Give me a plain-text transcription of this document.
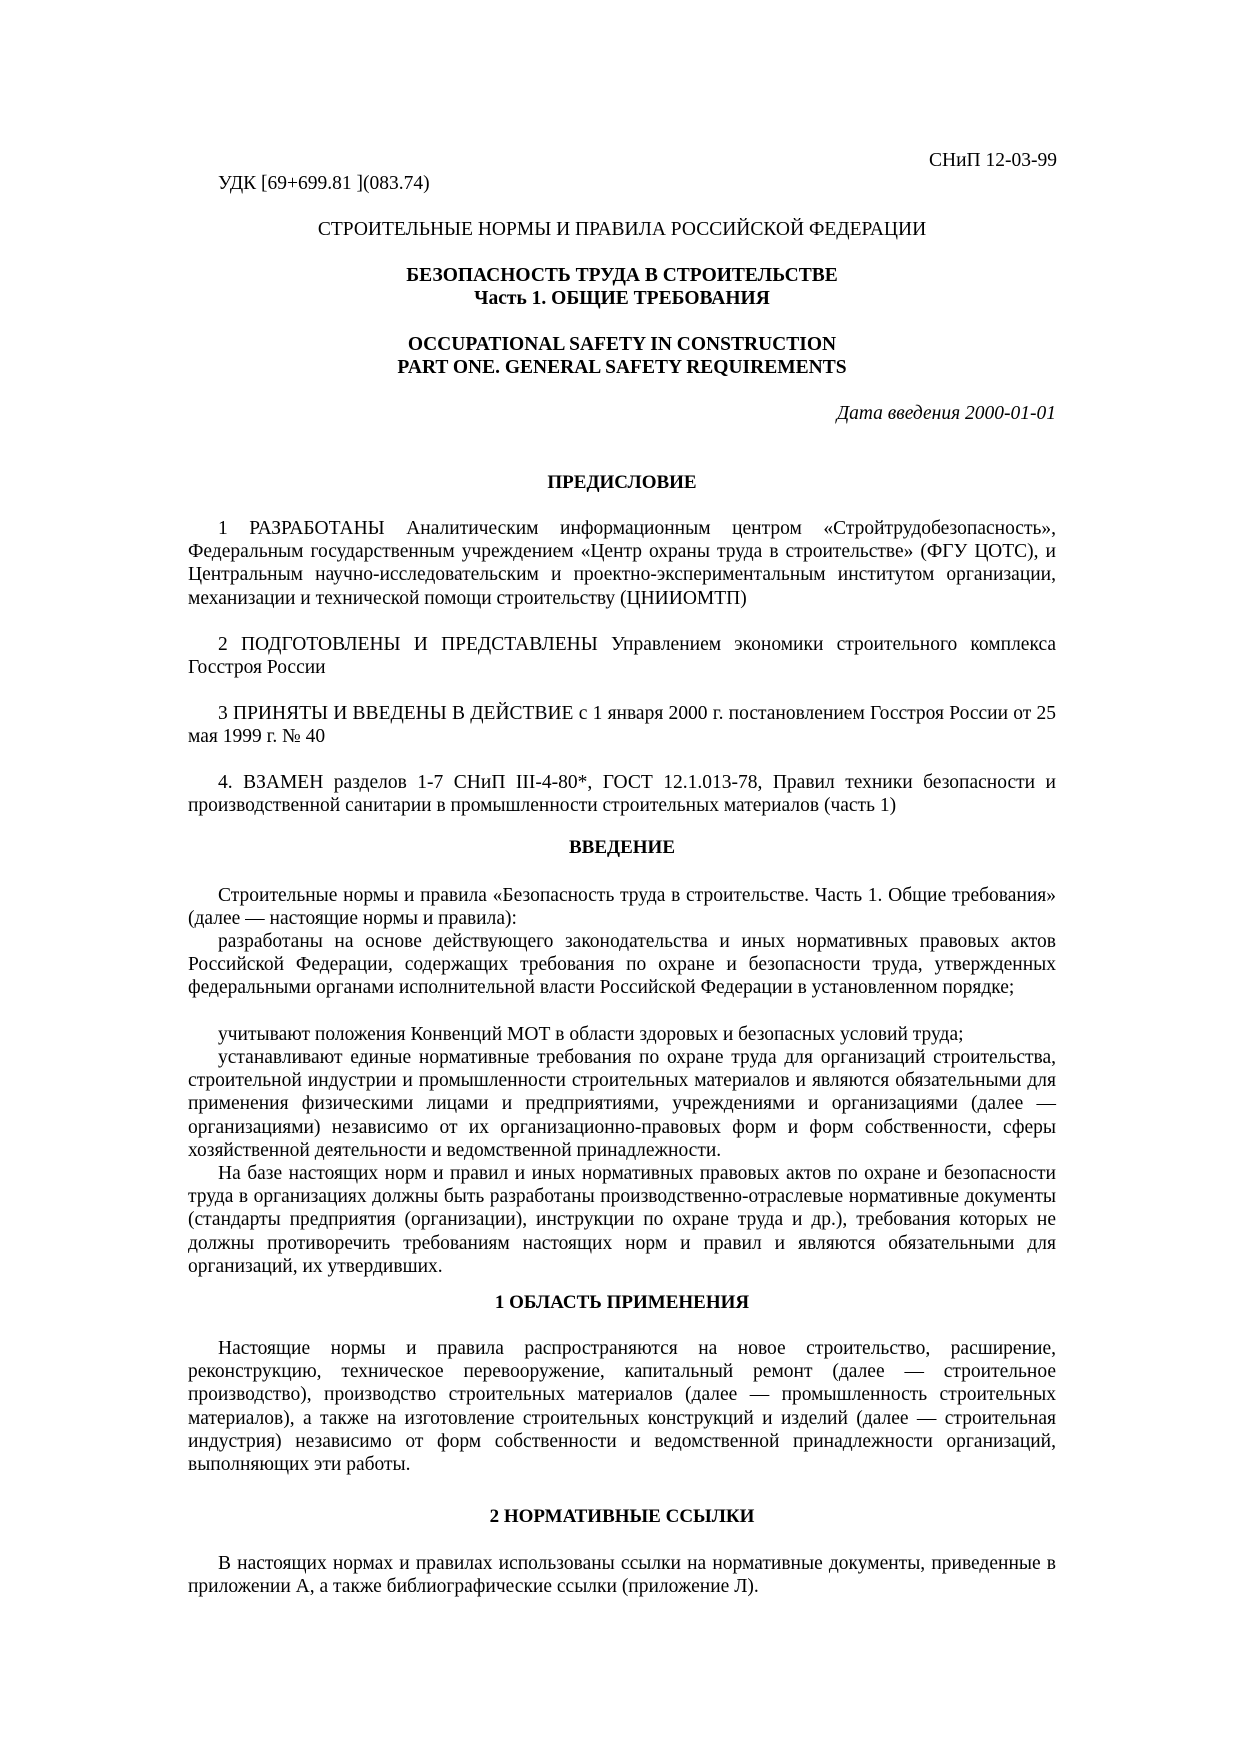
СНиП 12-03-99
УДК [69+699.81 ](083.74)
СТРОИТЕЛЬНЫЕ НОРМЫ И ПРАВИЛА РОССИЙСКОЙ ФЕДЕРАЦИИ
БЕЗОПАСНОСТЬ ТРУДА В СТРОИТЕЛЬСТВЕ
Часть 1. ОБЩИЕ ТРЕБОВАНИЯ
OCCUPATIONAL SAFETY IN CONSTRUCTION
PART ONE. GENERAL SAFETY REQUIREMENTS
Дата введения 2000-01-01

ПРЕДИСЛОВИЕ

1 РАЗРАБОТАНЫ Аналитическим информационным центром «Стройтрудобезопасность», Федеральным государственным учреждением «Центр охраны труда в строительстве» (ФГУ ЦОТС), и Центральным научно-исследовательским и проектно-экспериментальным институтом организации, механизации и технической помощи строительству (ЦНИИОМТП)

2 ПОДГОТОВЛЕНЫ И ПРЕДСТАВЛЕНЫ Управлением экономики строительного комплекса Госстроя России

3 ПРИНЯТЫ И ВВЕДЕНЫ В ДЕЙСТВИЕ с 1 января 2000 г. постановлением Госстроя России от 25 мая 1999 г. № 40

4. ВЗАМЕН разделов 1-7 СНиП III-4-80*, ГОСТ 12.1.013-78, Правил техники безопасности и производственной санитарии в промышленности строительных материалов (часть 1)

ВВЕДЕНИЕ

Строительные нормы и правила «Безопасность труда в строительстве. Часть 1. Общие требования» (далее — настоящие нормы и правила):

разработаны на основе действующего законодательства и иных нормативных правовых актов Российской Федерации, содержащих требования по охране и безопасности труда, утвержденных федеральными органами исполнительной власти Российской Федерации в установленном порядке;

учитывают положения Конвенций МОТ в области здоровых и безопасных условий труда;

устанавливают единые нормативные требования по охране труда для организаций строительства, строительной индустрии и промышленности строительных материалов и являются обязательными для применения физическими лицами и предприятиями, учреждениями и организациями (далее — организациями) независимо от их организационно-правовых форм и форм собственности, сферы хозяйственной деятельности и ведомственной принадлежности.

На базе настоящих норм и правил и иных нормативных правовых актов по охране и безопасности труда в организациях должны быть разработаны производственно-отраслевые нормативные документы (стандарты предприятия (организации), инструкции по охране труда и др.), требования которых не должны противоречить требованиям настоящих норм и правил и являются обязательными для организаций, их утвердивших.

1 ОБЛАСТЬ ПРИМЕНЕНИЯ

Настоящие нормы и правила распространяются на новое строительство, расширение, реконструкцию, техническое перевооружение, капитальный ремонт (далее — строительное производство), производство строительных материалов (далее — промышленность строительных материалов), а также на изготовление строительных конструкций и изделий (далее — строительная индустрия) независимо от форм собственности и ведомственной принадлежности организаций, выполняющих эти работы.

2 НОРМАТИВНЫЕ ССЫЛКИ

В настоящих нормах и правилах использованы ссылки на нормативные документы, приведенные в приложении А, а также библиографические ссылки (приложение Л).
